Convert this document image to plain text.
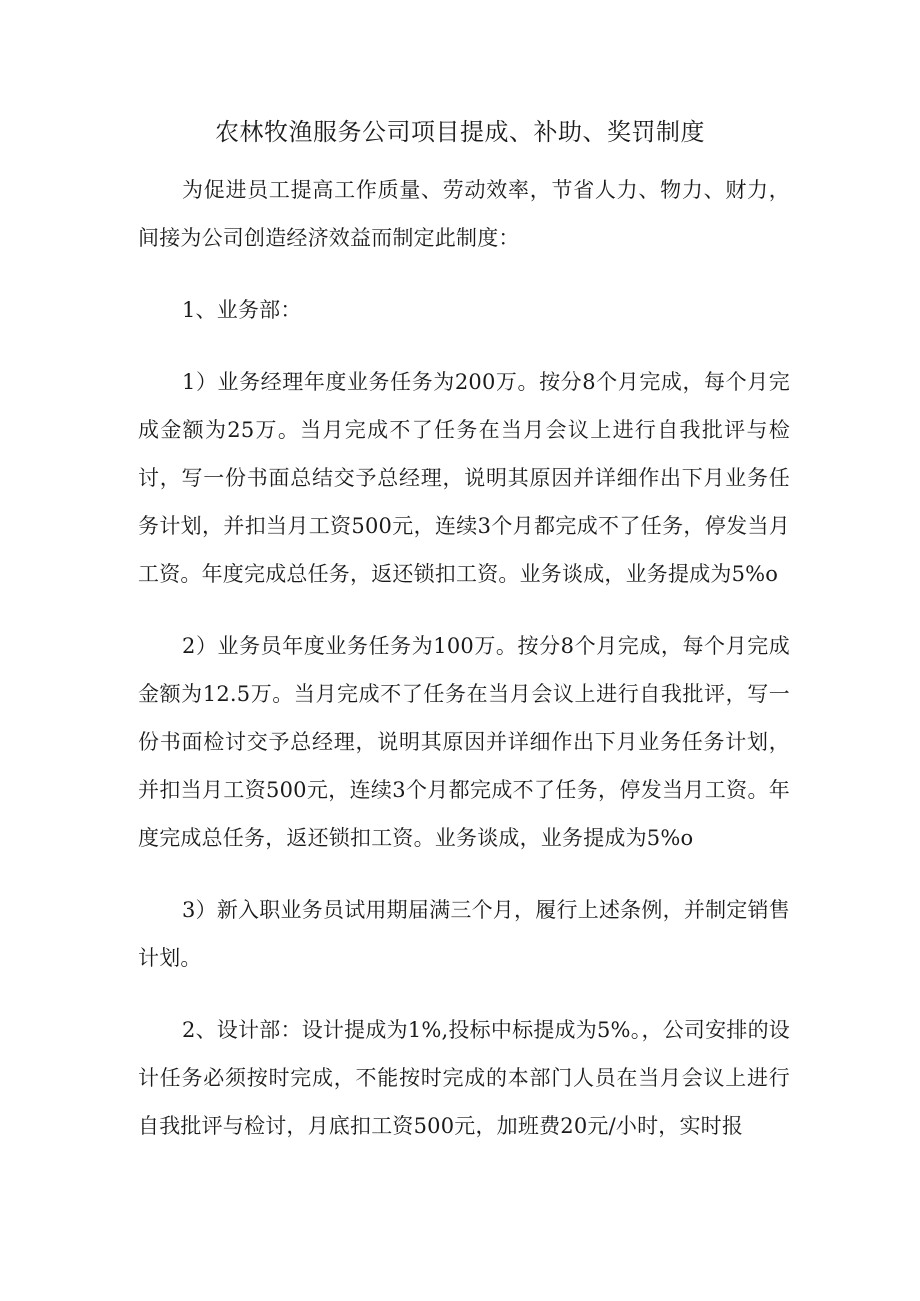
农林牧渔服务公司项目提成、补助、奖罚制度

为促进员工提高工作质量、劳动效率，节省人力、物力、财力，间接为公司创造经济效益而制定此制度：

1、业务部：

1）业务经理年度业务任务为200万。按分8个月完成，每个月完成金额为25万。当月完成不了任务在当月会议上进行自我批评与检讨，写一份书面总结交予总经理，说明其原因并详细作出下月业务任务计划，并扣当月工资500元，连续3个月都完成不了任务，停发当月工资。年度完成总任务，返还锁扣工资。业务谈成，业务提成为5%o

2）业务员年度业务任务为100万。按分8个月完成，每个月完成金额为12.5万。当月完成不了任务在当月会议上进行自我批评，写一份书面检讨交予总经理，说明其原因并详细作出下月业务任务计划，并扣当月工资500元，连续3个月都完成不了任务，停发当月工资。年度完成总任务，返还锁扣工资。业务谈成，业务提成为5%o

3）新入职业务员试用期届满三个月，履行上述条例，并制定销售计划。

2、设计部：设计提成为1%,投标中标提成为5%。，公司安排的设计任务必须按时完成，不能按时完成的本部门人员在当月会议上进行自我批评与检讨，月底扣工资500元，加班费20元/小时，实时报
